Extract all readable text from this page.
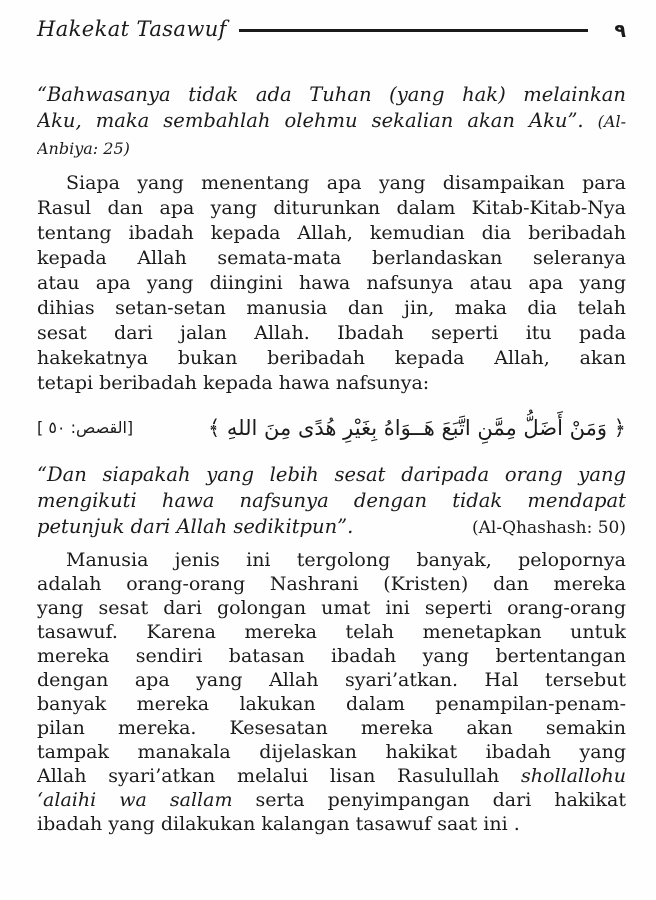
Hakekat Tasawuf	٩
“Bahwasanya tidak ada Tuhan (yang hak) melainkan
Aku, maka sembahlah olehmu sekalian akan Aku”. (Al-
Anbiya: 25)
Siapa yang menentang apa yang disampaikan para
Rasul dan apa yang diturunkan dalam Kitab-Kitab-Nya
tentang ibadah kepada Allah, kemudian dia beribadah
kepada Allah semata-mata berlandaskan seleranya
atau apa yang diingini hawa nafsunya atau apa yang
dihias setan-setan manusia dan jin, maka dia telah
sesat dari jalan Allah. Ibadah seperti itu pada
hakekatnya bukan beribadah kepada Allah, akan
tetapi beribadah kepada hawa nafsunya:
﴿ وَمَنْ أَضَلُّ مِمَّنِ اتَّبَعَ هَــوَاهُ بِغَيْرِ هُدًى مِنَ اللهِ ﴾
[القصص: ٥٠ ]
“Dan siapakah yang lebih sesat daripada orang yang
mengikuti hawa nafsunya dengan tidak mendapat
petunjuk dari Allah sedikitpun”.	(Al-Qhashash: 50)
Manusia jenis ini tergolong banyak, pelopornya
adalah orang-orang Nashrani (Kristen) dan mereka
yang sesat dari golongan umat ini seperti orang-orang
tasawuf. Karena mereka telah menetapkan untuk
mereka sendiri batasan ibadah yang bertentangan
dengan apa yang Allah syari’atkan. Hal tersebut
banyak mereka lakukan dalam penampilan-penam-
pilan mereka. Kesesatan mereka akan semakin
tampak manakala dijelaskan hakikat ibadah yang
Allah syari’atkan melalui lisan Rasulullah shollallohu
‘alaihi wa sallam serta penyimpangan dari hakikat
ibadah yang dilakukan kalangan tasawuf saat ini .
